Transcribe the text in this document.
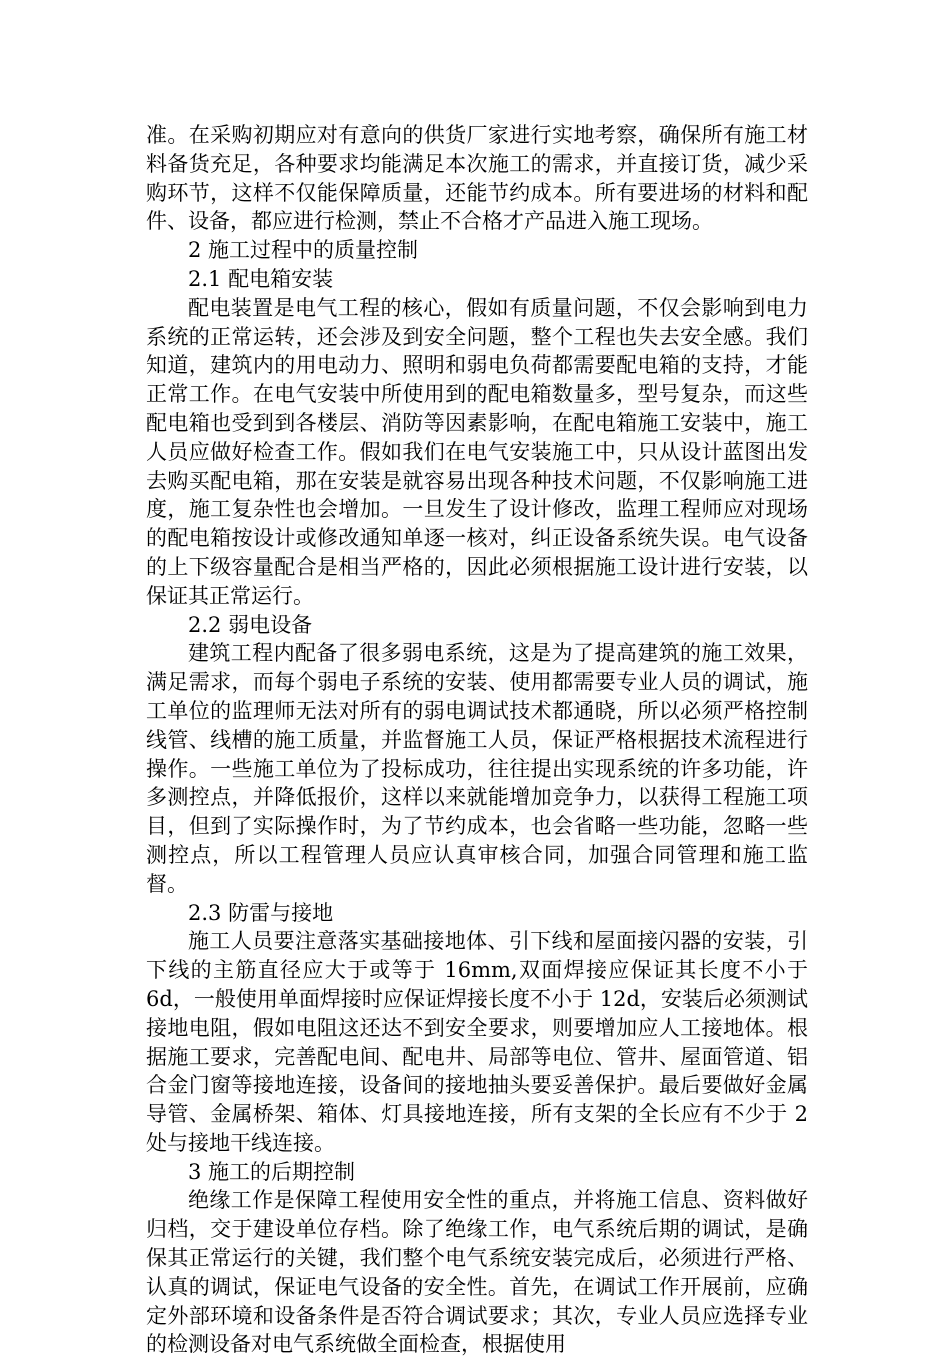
准。在采购初期应对有意向的供货厂家进行实地考察，确保所有施工材料备货充足，各种要求均能满足本次施工的需求，并直接订货，减少采购环节，这样不仅能保障质量，还能节约成本。所有要进场的材料和配件、设备，都应进行检测，禁止不合格才产品进入施工现场。

2 施工过程中的质量控制

2.1 配电箱安装

配电装置是电气工程的核心，假如有质量问题，不仅会影响到电力系统的正常运转，还会涉及到安全问题，整个工程也失去安全感。我们知道，建筑内的用电动力、照明和弱电负荷都需要配电箱的支持，才能正常工作。在电气安装中所使用到的配电箱数量多，型号复杂，而这些配电箱也受到到各楼层、消防等因素影响，在配电箱施工安装中，施工人员应做好检查工作。假如我们在电气安装施工中，只从设计蓝图出发去购买配电箱，那在安装是就容易出现各种技术问题，不仅影响施工进度，施工复杂性也会增加。一旦发生了设计修改，监理工程师应对现场的配电箱按设计或修改通知单逐一核对，纠正设备系统失误。电气设备的上下级容量配合是相当严格的，因此必须根据施工设计进行安装，以保证其正常运行。

2.2 弱电设备

建筑工程内配备了很多弱电系统，这是为了提高建筑的施工效果，满足需求，而每个弱电子系统的安装、使用都需要专业人员的调试，施工单位的监理师无法对所有的弱电调试技术都通晓，所以必须严格控制线管、线槽的施工质量，并监督施工人员，保证严格根据技术流程进行操作。一些施工单位为了投标成功，往往提出实现系统的许多功能，许多测控点，并降低报价，这样以来就能增加竞争力，以获得工程施工项目，但到了实际操作时，为了节约成本，也会省略一些功能，忽略一些测控点，所以工程管理人员应认真审核合同，加强合同管理和施工监督。

2.3 防雷与接地

施工人员要注意落实基础接地体、引下线和屋面接闪器的安装，引下线的主筋直径应大于或等于 16mm,双面焊接应保证其长度不小于 6d，一般使用单面焊接时应保证焊接长度不小于 12d，安装后必须测试接地电阻，假如电阻这还达不到安全要求，则要增加应人工接地体。根据施工要求，完善配电间、配电井、局部等电位、管井、屋面管道、铝合金门窗等接地连接，设备间的接地抽头要妥善保护。最后要做好金属导管、金属桥架、箱体、灯具接地连接，所有支架的全长应有不少于 2 处与接地干线连接。

3 施工的后期控制

绝缘工作是保障工程使用安全性的重点，并将施工信息、资料做好归档，交于建设单位存档。除了绝缘工作，电气系统后期的调试，是确保其正常运行的关键，我们整个电气系统安装完成后，必须进行严格、认真的调试，保证电气设备的安全性。首先，在调试工作开展前，应确定外部环境和设备条件是否符合调试要求；其次，专业人员应选择专业的检测设备对电气系统做全面检查，根据使用
